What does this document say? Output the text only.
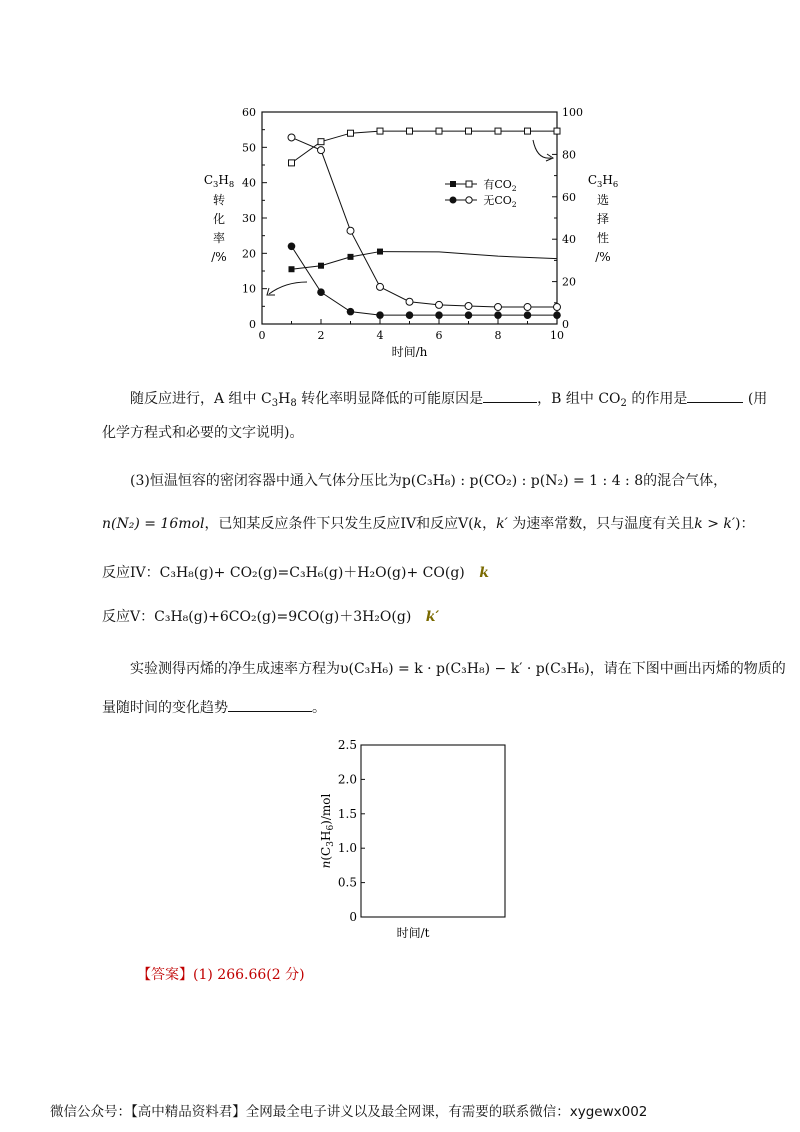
0
10
20
30
40
50
60
0
20
40
60
80
100
0	2	4	6	8	10
时间/h
$C_3H_8$
转
化
率
/%
$C_3H_6$
选
择
性
/%
有$CO_2$
无$CO_2$
随反应进行，A 组中 $C_3H_8$ 转化率明显降低的可能原因是	，B 组中 $CO_2$ 的作用是	(用
化学方程式和必要的文字说明)。
(3)恒温恒容的密闭容器中通入气体分压比为p(C₃H₈) : p(CO₂) : p(N₂) = 1 : 4 : 8的混合气体，
n(N₂) = 16mol，已知某反应条件下只发生反应IV和反应V(k，k′ 为速率常数，只与温度有关且k > k′)：
反应IV：C₃H₈(g)+ CO₂(g)=C₃H₆(g)＋H₂O(g)+ CO(g) k
反应V：C₃H₈(g)+6CO₂(g)=9CO(g)＋3H₂O(g) k′
实验测得丙烯的净生成速率方程为υ(C₃H₆) = k · p(C₃H₈) − k′ · p(C₃H₆)，请在下图中画出丙烯的物质的
量随时间的变化趋势	。
0
0.5
1.0
1.5
2.0
2.5
时间/t
$n(C_3H_6)$/mol
【答案】(1) 266.66(2 分)
微信公众号：【高中精品资料君】全网最全电子讲义以及最全网课，有需要的联系微信：xygewx002
